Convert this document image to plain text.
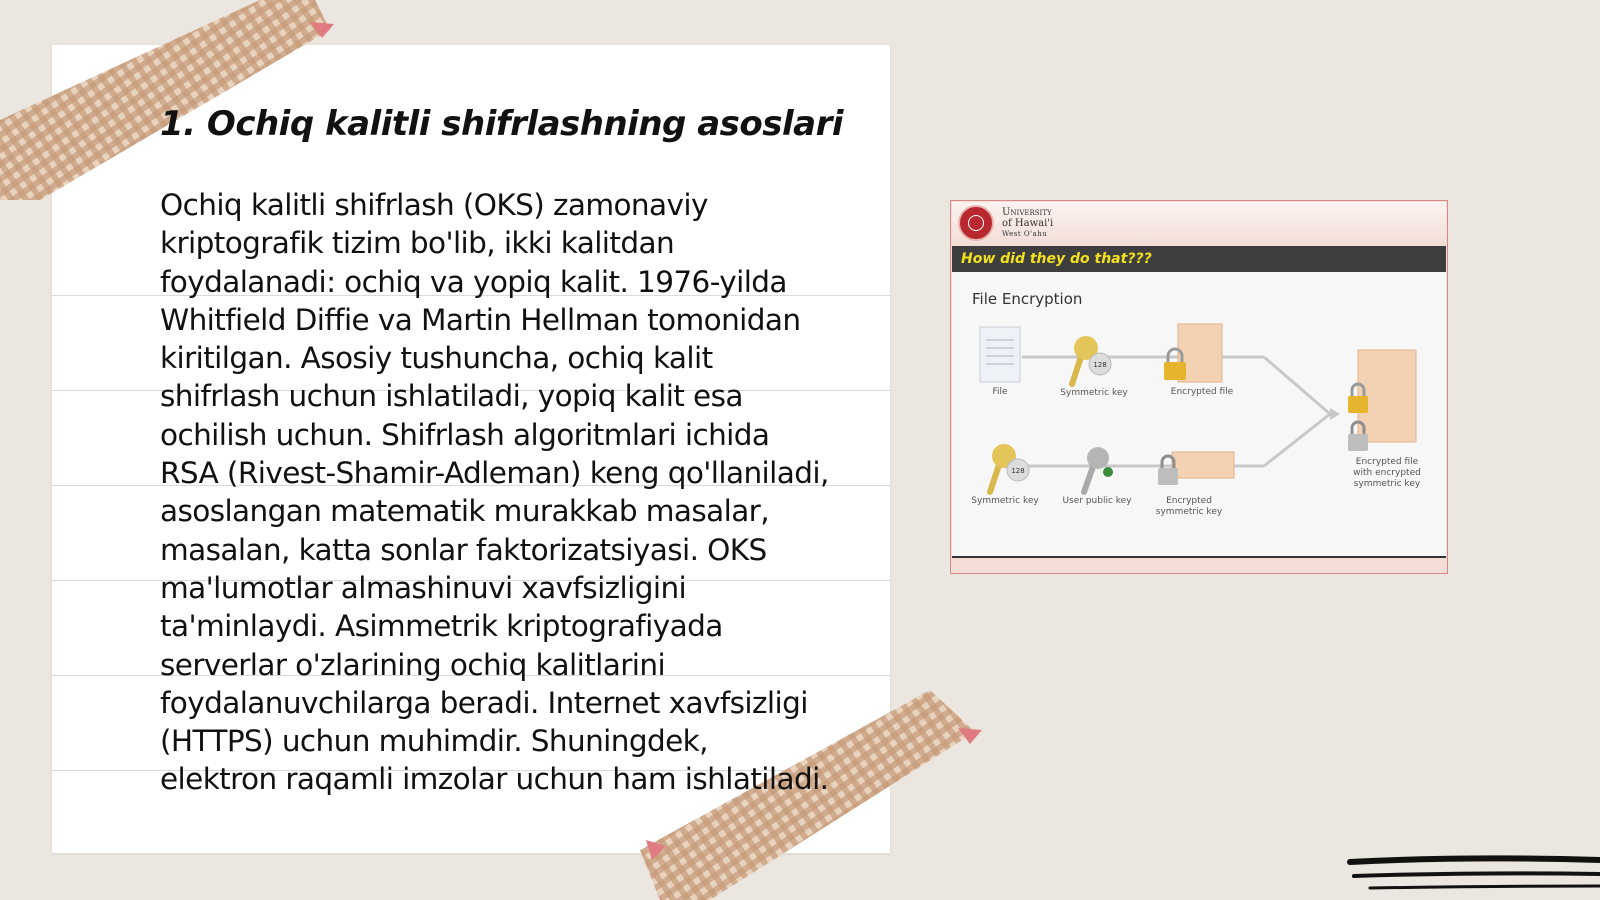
1. Ochiq kalitli shifrlashning asoslari

Ochiq kalitli shifrlash (OKS) zamonaviy kriptografik tizim bo'lib, ikki kalitdan foydalanadi: ochiq va yopiq kalit. 1976-yilda Whitfield Diffie va Martin Hellman tomonidan kiritilgan. Asosiy tushuncha, ochiq kalit shifrlash uchun ishlatiladi, yopiq kalit esa ochilish uchun. Shifrlash algoritmlari ichida RSA (Rivest-Shamir-Adleman) keng qo'llaniladi, asoslangan matematik murakkab masalar, masalan, katta sonlar faktorizatsiyasi. OKS ma'lumotlar almashinuvi xavfsizligini ta'minlaydi. Asimmetrik kriptografiyada serverlar o'zlarining ochiq kalitlarini foydalanuvchilarga beradi. Internet xavfsizligi (HTTPS) uchun muhimdir. Shuningdek, elektron raqamli imzolar uchun ham ishlatiladi.

University
of Hawai'i
West O'ahu
How did they do that???
File Encryption
128
128
File	Symmetric key	Encrypted file
Symmetric key	User public key	Encrypted symmetric key
Encrypted file with encrypted symmetric key
